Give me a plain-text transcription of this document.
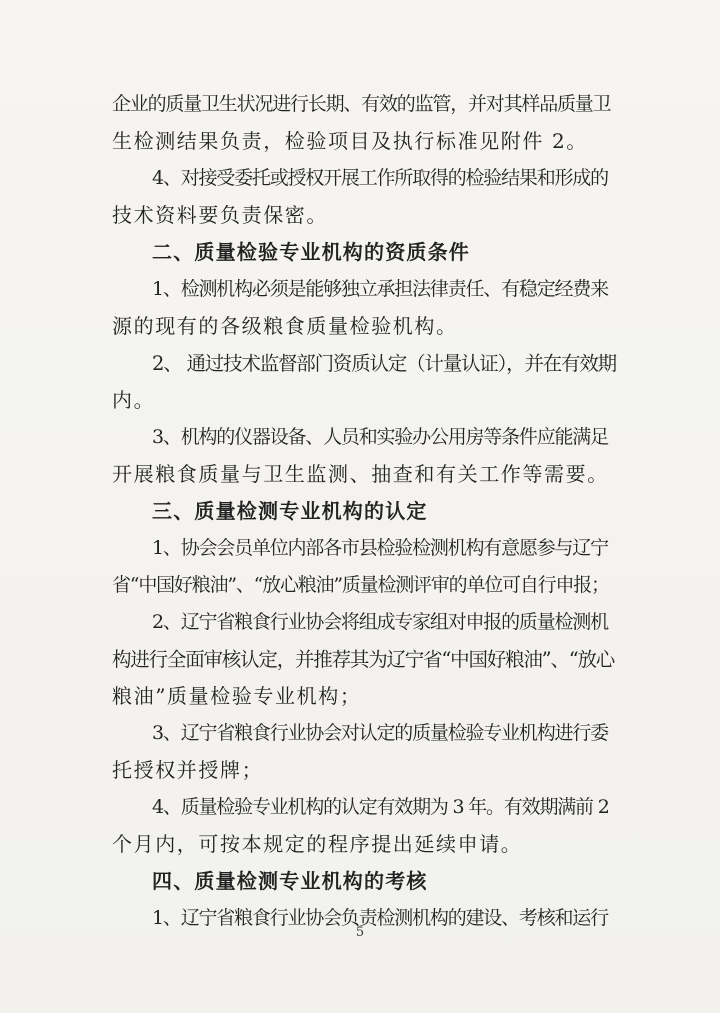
企业的质量卫生状况进行长期、有效的监管，并对其样品质量卫
生检测结果负责，检验项目及执行标准见附件 2。
4、对接受委托或授权开展工作所取得的检验结果和形成的
技术资料要负责保密。
二、质量检验专业机构的资质条件
1、检测机构必须是能够独立承担法律责任、有稳定经费来
源的现有的各级粮食质量检验机构。
2、 通过技术监督部门资质认定（计量认证），并在有效期
内。
3、机构的仪器设备、人员和实验办公用房等条件应能满足
开展粮食质量与卫生监测、抽查和有关工作等需要。
三、质量检测专业机构的认定
1、协会会员单位内部各市县检验检测机构有意愿参与辽宁
省“中国好粮油”、“放心粮油”质量检测评审的单位可自行申报；
2、辽宁省粮食行业协会将组成专家组对申报的质量检测机
构进行全面审核认定，并推荐其为辽宁省“中国好粮油”、“放心
粮油”质量检验专业机构；
3、辽宁省粮食行业协会对认定的质量检验专业机构进行委
托授权并授牌；
4、质量检验专业机构的认定有效期为 3 年。有效期满前 2
个月内，可按本规定的程序提出延续申请。
四、质量检测专业机构的考核
1、辽宁省粮食行业协会负责检测机构的建设、考核和运行
5
